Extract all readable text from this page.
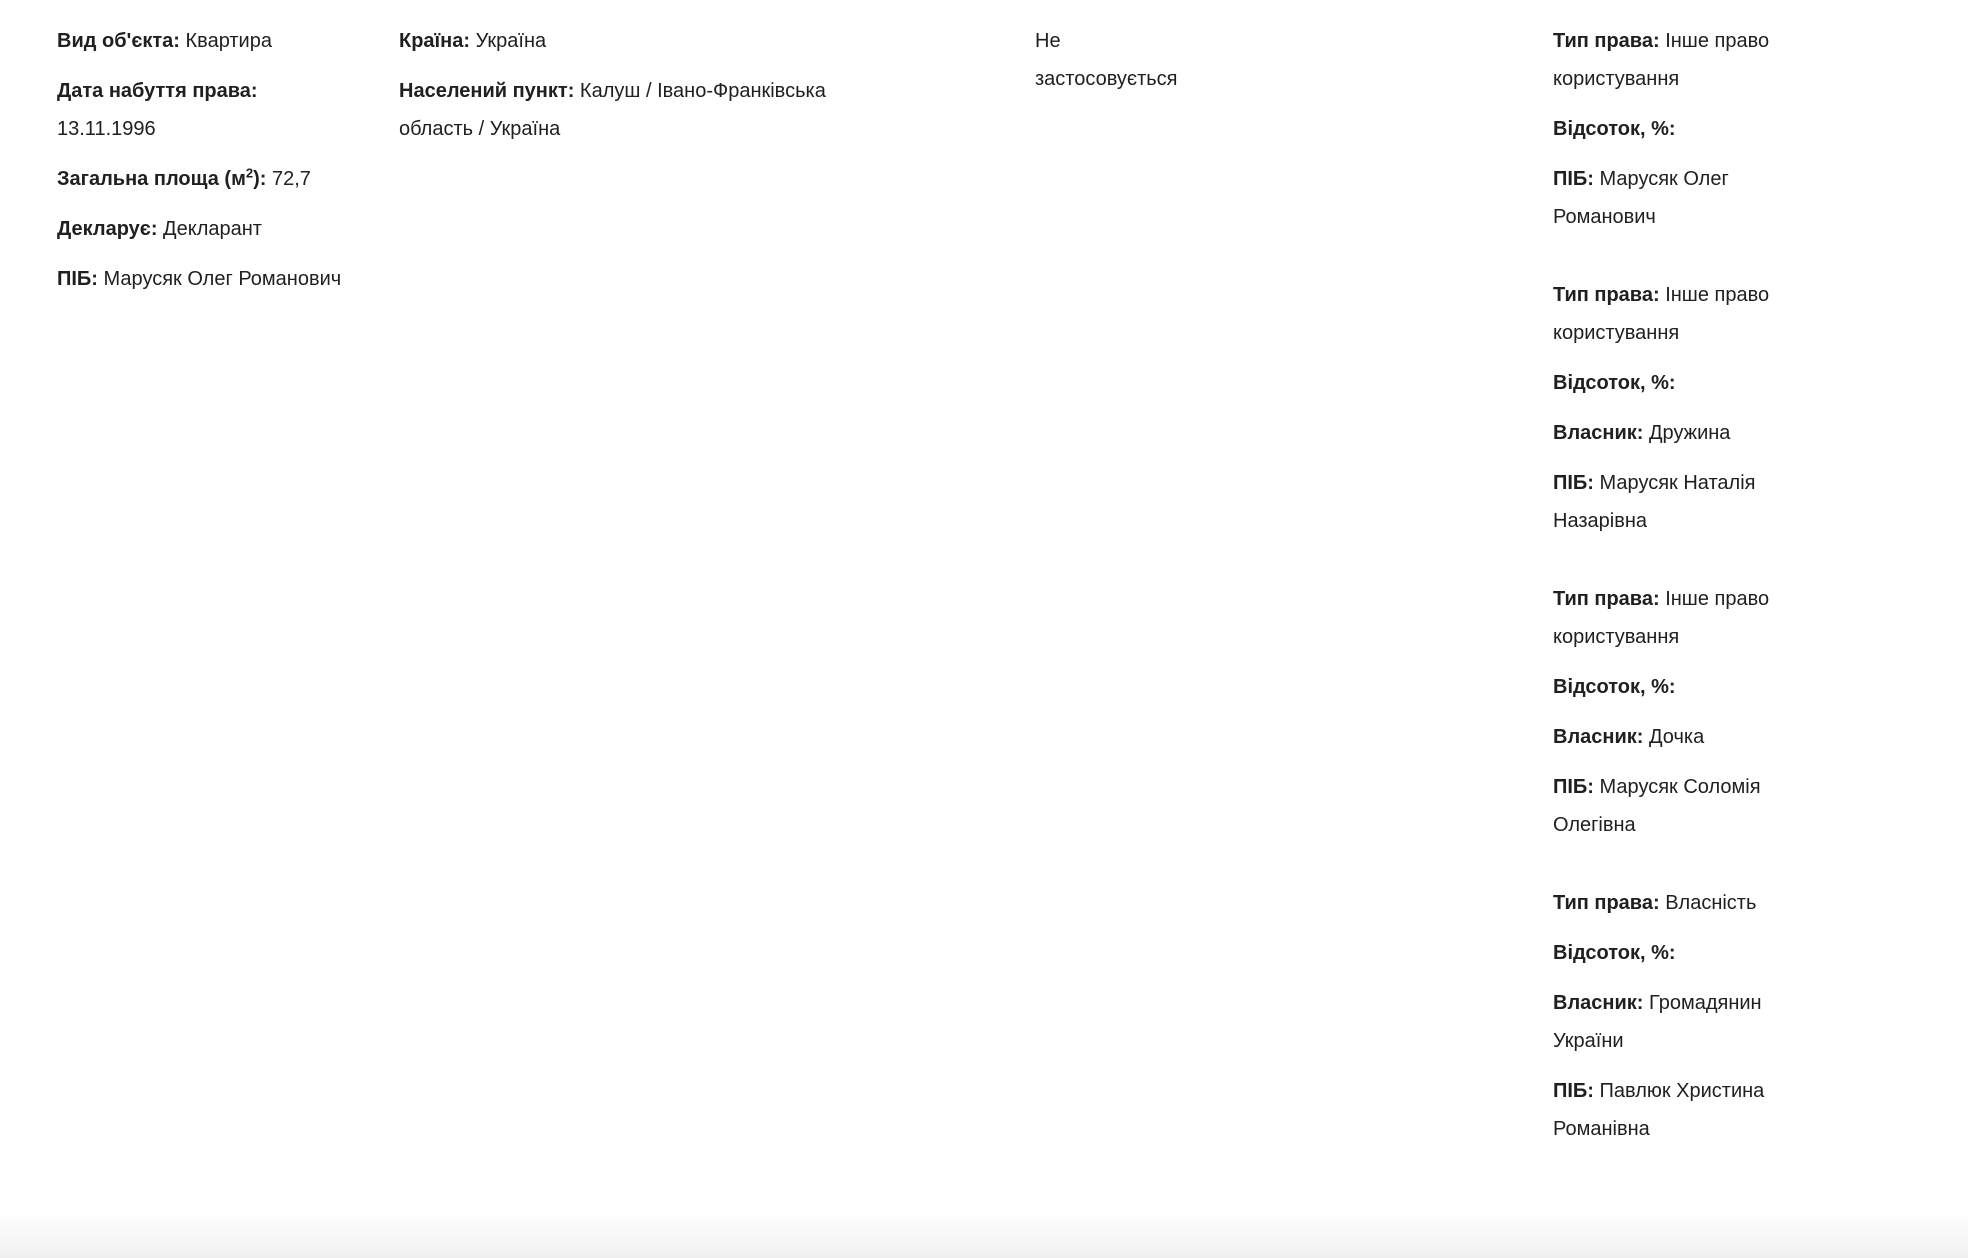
Вид об'єкта: Квартира

Дата набуття права: 13.11.1996

Загальна площа $(м^2)$: 72,7

Декларує: Декларант

ПІБ: Марусяк Олег Романович

Країна: Україна

Населений пункт: Калуш / Івано-Франківська область / Україна

Не застосовується

Тип права: Інше право користування

Відсоток, %:

ПІБ: Марусяк Олег Романович

Тип права: Інше право користування

Відсоток, %:

Власник: Дружина

ПІБ: Марусяк Наталія Назарівна

Тип права: Інше право користування

Відсоток, %:

Власник: Дочка

ПІБ: Марусяк Соломія Олегівна

Тип права: Власність

Відсоток, %:

Власник: Громадянин України

ПІБ: Павлюк Христина Романівна
